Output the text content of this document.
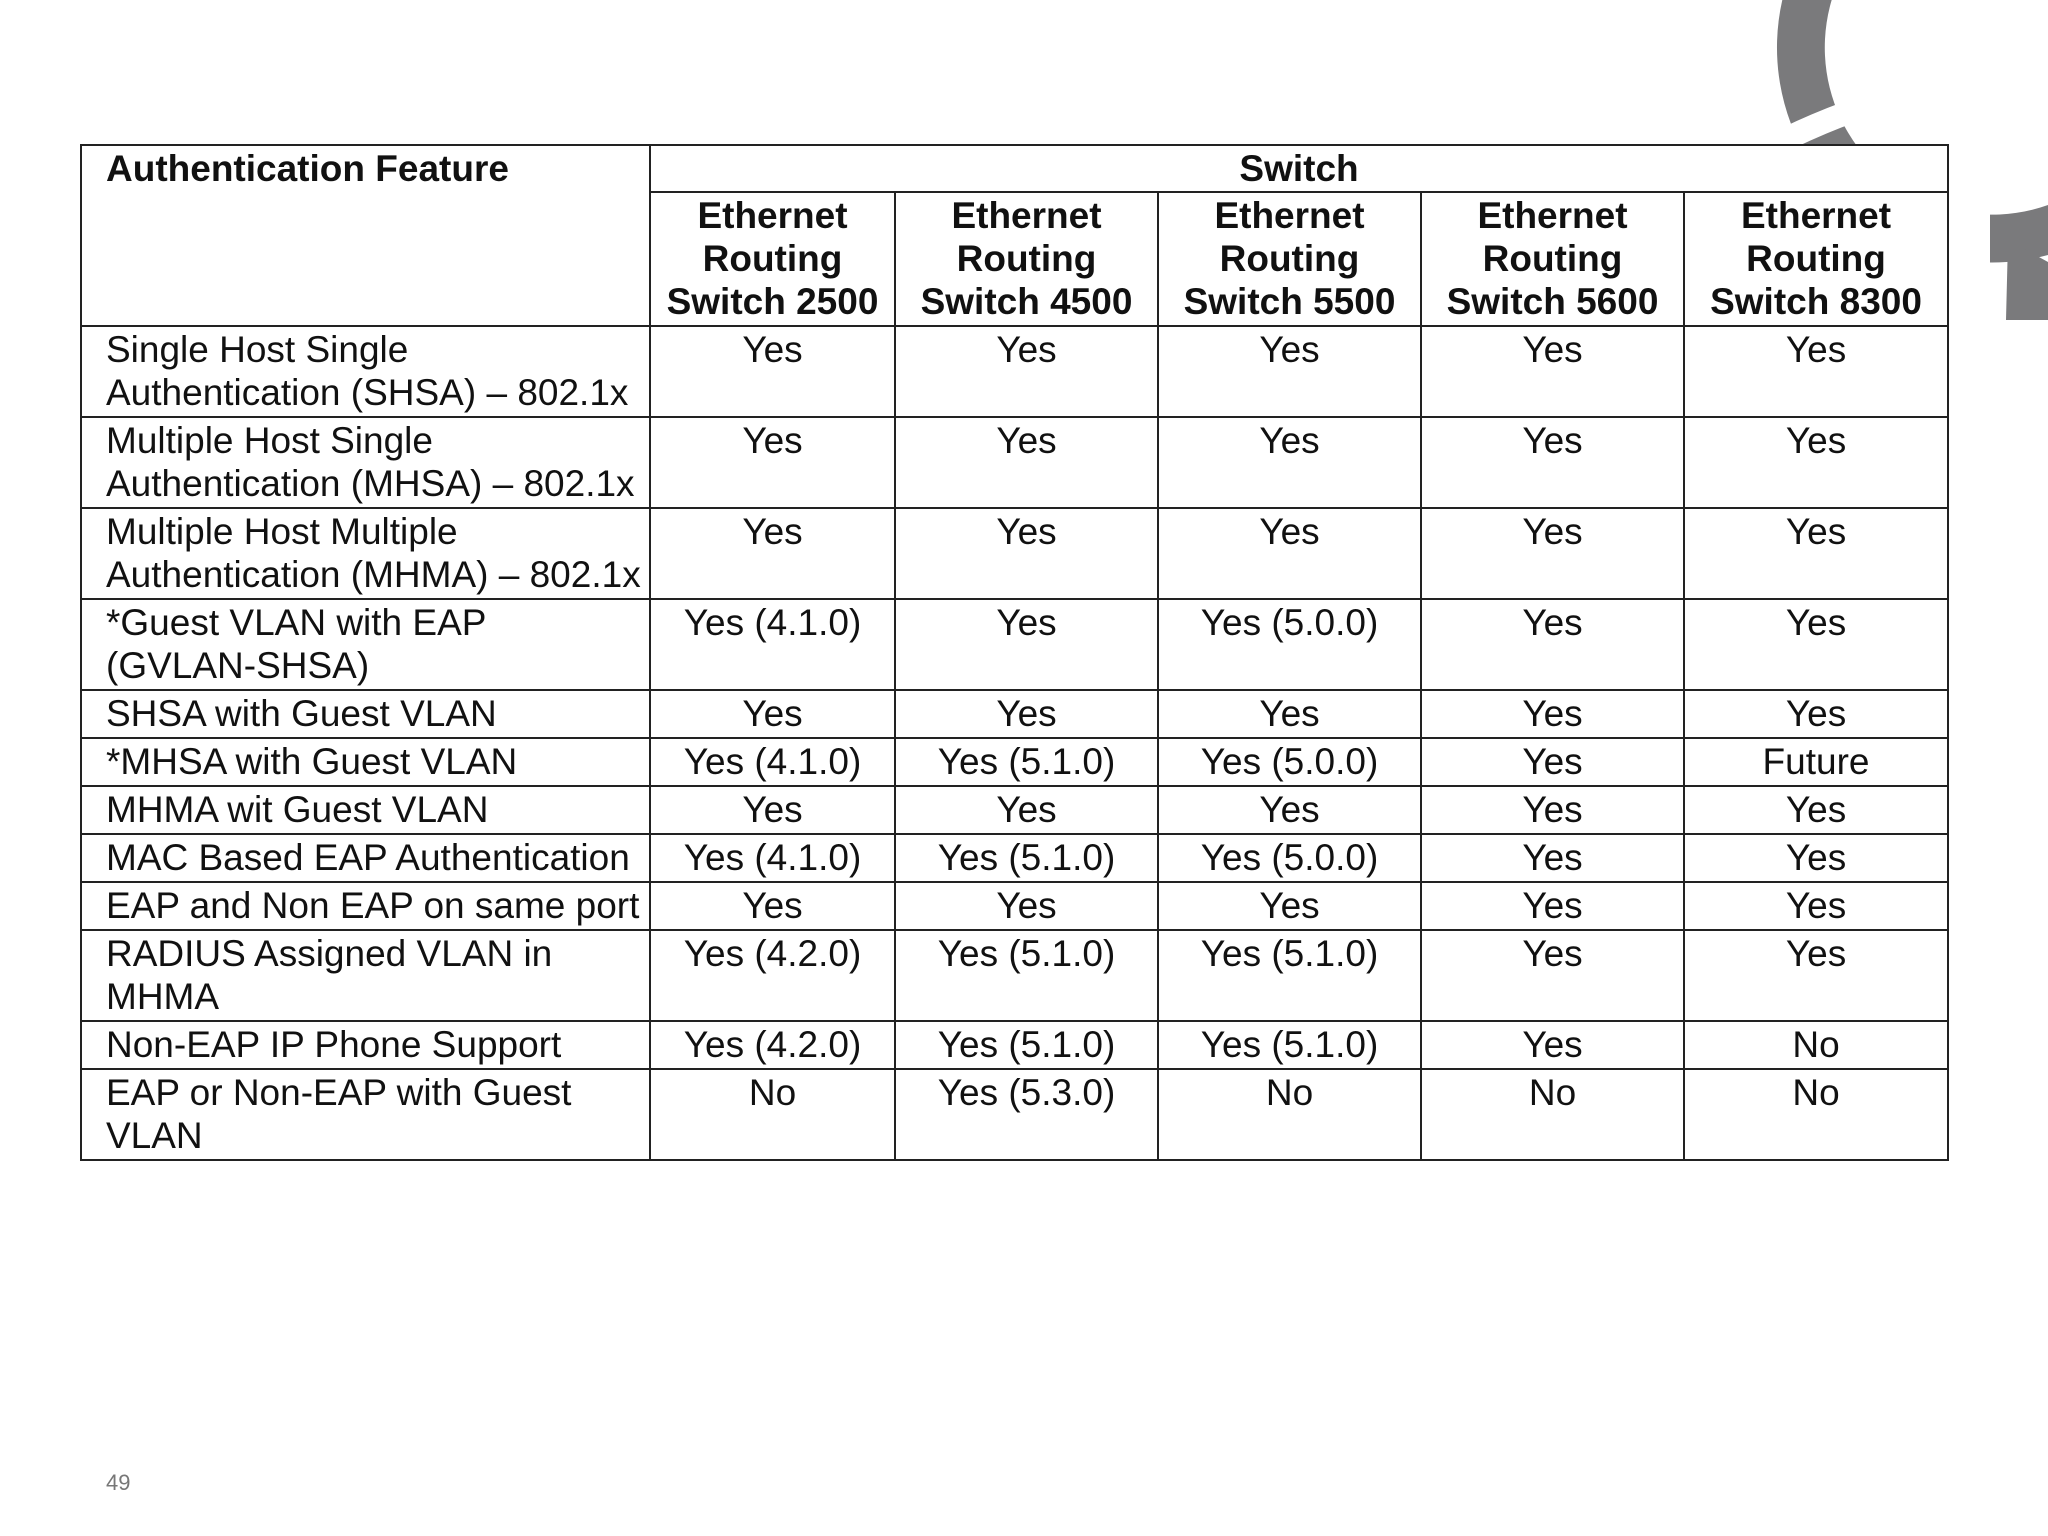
Authentication Feature	Switch				
	Ethernet Routing Switch 2500	Ethernet Routing Switch 4500	Ethernet Routing Switch 5500	Ethernet Routing Switch 5600	Ethernet Routing Switch 8300
Single Host Single Authentication (SHSA) – 802.1x	Yes	Yes	Yes	Yes	Yes
Multiple Host Single Authentication (MHSA) – 802.1x	Yes	Yes	Yes	Yes	Yes
Multiple Host Multiple Authentication (MHMA) – 802.1x	Yes	Yes	Yes	Yes	Yes
*Guest VLAN with EAP (GVLAN-SHSA)	Yes (4.1.0)	Yes	Yes (5.0.0)	Yes	Yes
SHSA with Guest VLAN	Yes	Yes	Yes	Yes	Yes
*MHSA with Guest VLAN	Yes (4.1.0)	Yes (5.1.0)	Yes (5.0.0)	Yes	Future
MHMA wit Guest VLAN	Yes	Yes	Yes	Yes	Yes
MAC Based EAP Authentication	Yes (4.1.0)	Yes (5.1.0)	Yes (5.0.0)	Yes	Yes
EAP and Non EAP on same port	Yes	Yes	Yes	Yes	Yes
RADIUS Assigned VLAN in MHMA	Yes (4.2.0)	Yes (5.1.0)	Yes (5.1.0)	Yes	Yes
Non-EAP IP Phone Support	Yes (4.2.0)	Yes (5.1.0)	Yes (5.1.0)	Yes	No
EAP or Non-EAP with Guest VLAN	No	Yes (5.3.0)	No	No	No
49
